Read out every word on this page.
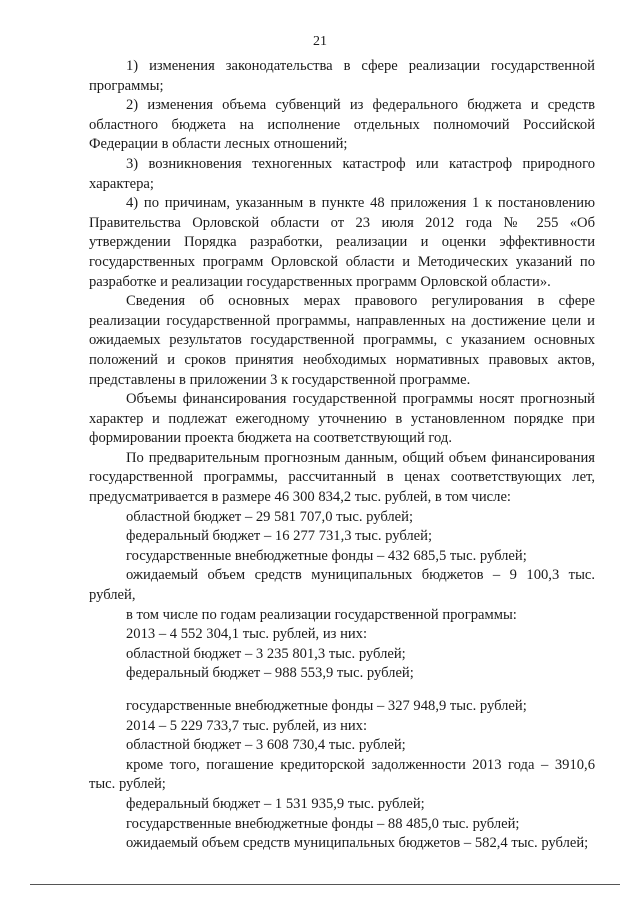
21

1) изменения законодательства в сфере реализации государственной программы;

2) изменения объема субвенций из федерального бюджета и средств областного бюджета на исполнение отдельных полномочий Российской Федерации в области лесных отношений;

3) возникновения техногенных катастроф или катастроф природного характера;

4) по причинам, указанным в пункте 48 приложения 1 к постановлению Правительства Орловской области от 23 июля 2012 года № 255 «Об утверждении Порядка разработки, реализации и оценки эффективности государственных программ Орловской области и Методических указаний по разработке и реализации государственных программ Орловской области».

Сведения об основных мерах правового регулирования в сфере реализации государственной программы, направленных на достижение цели и ожидаемых результатов государственной программы, с указанием основных положений и сроков принятия необходимых нормативных правовых актов, представлены в приложении 3 к государственной программе.

Объемы финансирования государственной программы носят прогнозный характер и подлежат ежегодному уточнению в установленном порядке при формировании проекта бюджета на соответствующий год.

По предварительным прогнозным данным, общий объем финансирования государственной программы, рассчитанный в ценах соответствующих лет, предусматривается в размере 46 300 834,2 тыс. рублей, в том числе:

областной бюджет – 29 581 707,0 тыс. рублей;

федеральный бюджет – 16 277 731,3 тыс. рублей;

государственные внебюджетные фонды – 432 685,5 тыс. рублей;

ожидаемый объем средств муниципальных бюджетов – 9 100,3 тыс. рублей,

в том числе по годам реализации государственной программы:

2013 – 4 552 304,1 тыс. рублей, из них:

областной бюджет – 3 235 801,3 тыс. рублей;

федеральный бюджет – 988 553,9 тыс. рублей;

государственные внебюджетные фонды – 327 948,9 тыс. рублей;

2014 – 5 229 733,7 тыс. рублей, из них:

областной бюджет – 3 608 730,4 тыс. рублей;

кроме того, погашение кредиторской задолженности 2013 года – 3910,6 тыс. рублей;

федеральный бюджет – 1 531 935,9 тыс. рублей;

государственные внебюджетные фонды – 88 485,0 тыс. рублей;

ожидаемый объем средств муниципальных бюджетов – 582,4 тыс. рублей;
